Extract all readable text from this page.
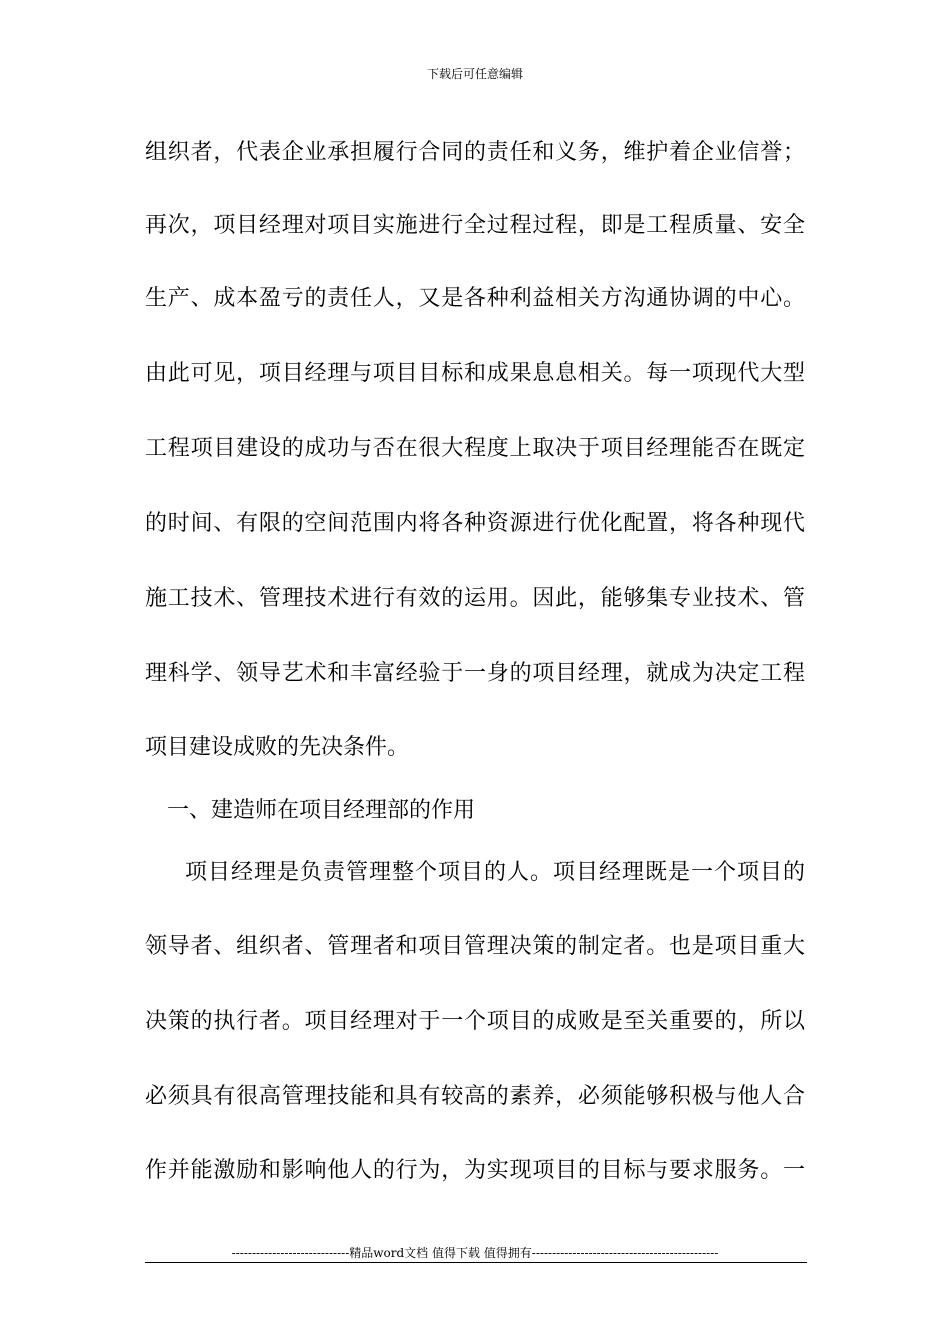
下载后可任意编辑
组织者，代表企业承担履行合同的责任和义务，维护着企业信誉；
再次，项目经理对项目实施进行全过程过程，即是工程质量、安全
生产、成本盈亏的责任人，又是各种利益相关方沟通协调的中心。
由此可见，项目经理与项目目标和成果息息相关。每一项现代大型
工程项目建设的成功与否在很大程度上取决于项目经理能否在既定
的时间、有限的空间范围内将各种资源进行优化配置，将各种现代
施工技术、管理技术进行有效的运用。因此，能够集专业技术、管
理科学、领导艺术和丰富经验于一身的项目经理，就成为决定工程
项目建设成败的先决条件。
一、建造师在项目经理部的作用
项目经理是负责管理整个项目的人。项目经理既是一个项目的
领导者、组织者、管理者和项目管理决策的制定者。也是项目重大
决策的执行者。项目经理对于一个项目的成败是至关重要的，所以
必须具有很高管理技能和具有较高的素养，必须能够积极与他人合
作并能激励和影响他人的行为，为实现项目的目标与要求服务。一
-----------------------------精品word文档 值得下载 值得拥有----------------------------------------------
